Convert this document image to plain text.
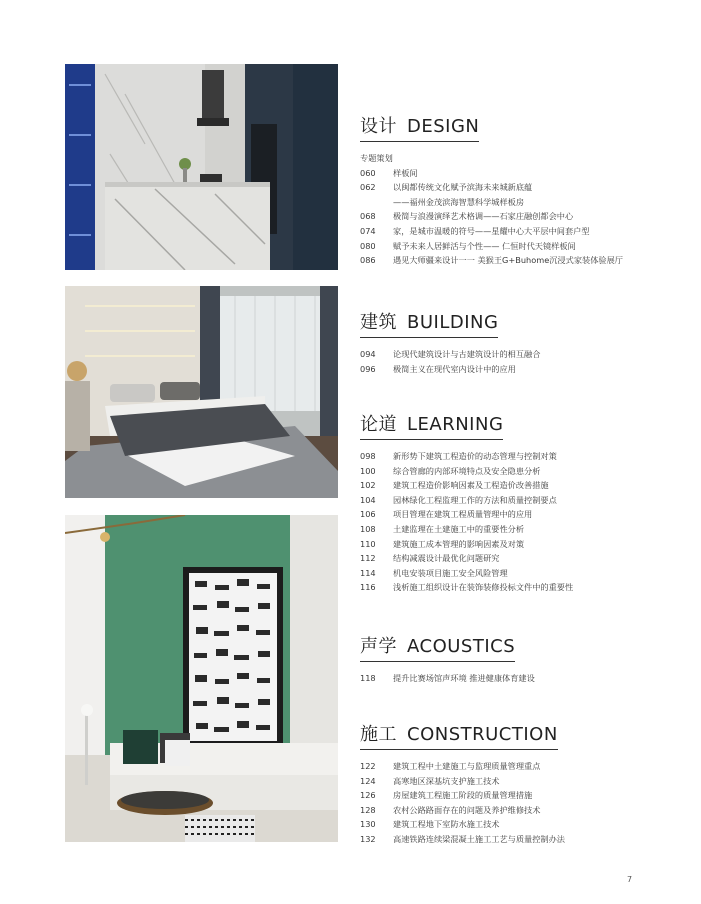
设计 DESIGN
专题策划
060	样板间
062	以闽都传统文化赋予滨海未来城新底蕴
——福州金茂滨海智慧科学城样板房
068	极简与浪漫演绎艺术格调——石家庄融创都会中心
074	家，是城市温暖的符号——星耀中心大平层中间套户型
080	赋予未来人居鲜活与个性—— 仁恒时代天镜样板间
086	遇见大师疆来设计一一 美猴王G+Buhome沉浸式家装体验展厅
建筑 BUILDING
094	论现代建筑设计与古建筑设计的相互融合
096	极简主义在现代室内设计中的应用
论道 LEARNING
098	新形势下建筑工程造价的动态管理与控制对策
100	综合管廊的内部环境特点及安全隐患分析
102	建筑工程造价影响因素及工程造价改善措施
104	园林绿化工程监理工作的方法和质量控制要点
106	项目管理在建筑工程质量管理中的应用
108	土建监理在土建施工中的重要性分析
110	建筑施工成本管理的影响因素及对策
112	结构减震设计最优化问题研究
114	机电安装项目施工安全风险管理
116	浅析施工组织设计在装饰装修投标文件中的重要性
声学 ACOUSTICS
118	提升比赛场馆声环境 推进健康体育建设
施工 CONSTRUCTION
122	建筑工程中土建施工与监理质量管理重点
124	高寒地区深基坑支护施工技术
126	房屋建筑工程施工阶段的质量管理措施
128	农村公路路面存在的问题及养护维修技术
130	建筑工程地下室防水施工技术
132	高速铁路连续梁混凝土施工工艺与质量控制办法
7
